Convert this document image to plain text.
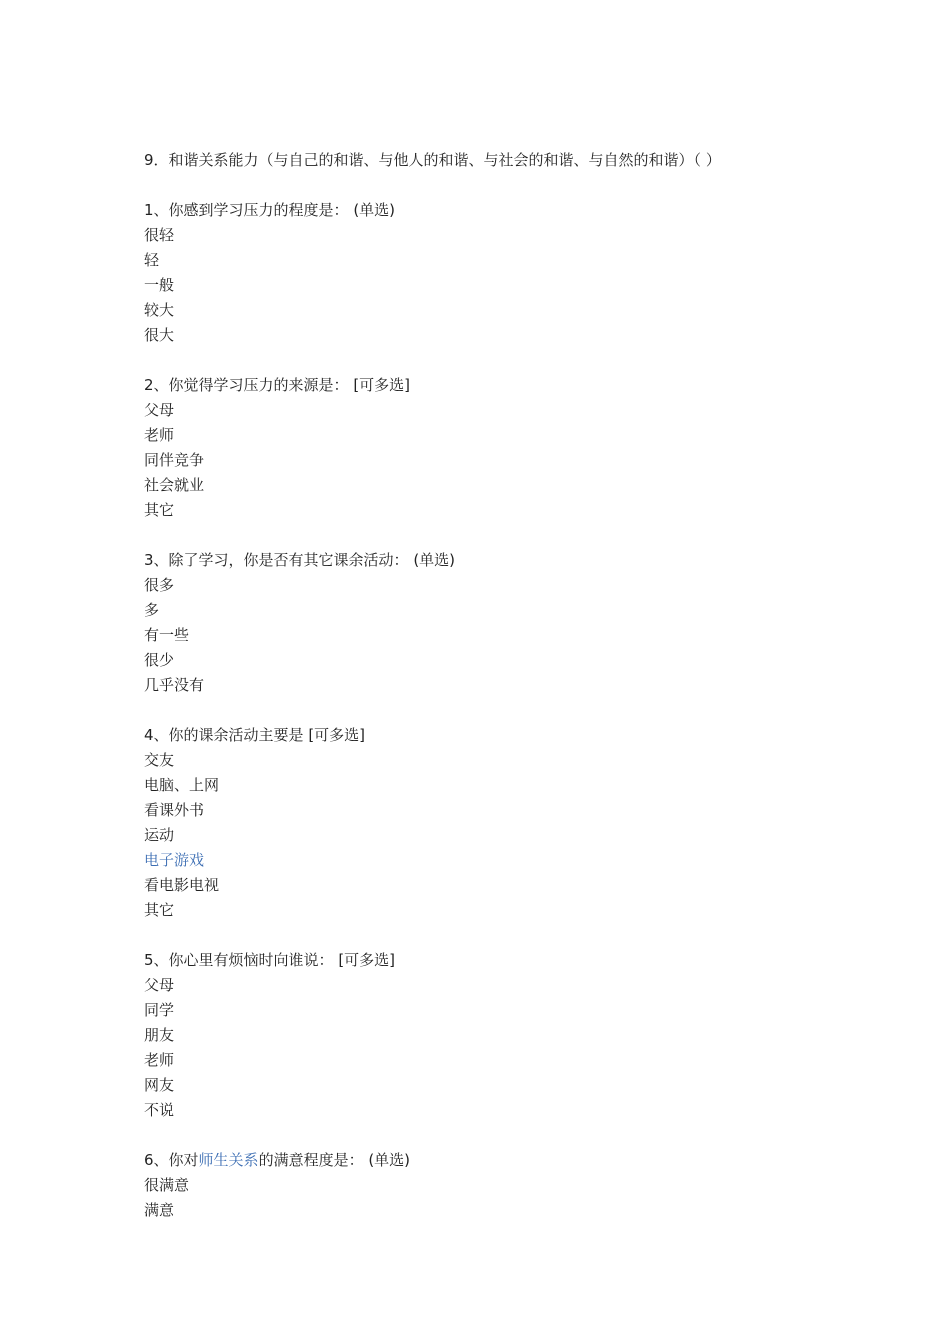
9．和谐关系能力（与自己的和谐、与他人的和谐、与社会的和谐、与自然的和谐）（ ）
1、你感到学习压力的程度是： (单选)
很轻
轻
一般
较大
很大
2、你觉得学习压力的来源是： [可多选]
父母
老师
同伴竞争
社会就业
其它
3、除了学习，你是否有其它课余活动： (单选)
很多
多
有一些
很少
几乎没有
4、你的课余活动主要是 [可多选]
交友
电脑、上网
看课外书
运动
电子游戏
看电影电视
其它
5、你心里有烦恼时向谁说： [可多选]
父母
同学
朋友
老师
网友
不说
6、你对师生关系的满意程度是： (单选)
很满意
满意
